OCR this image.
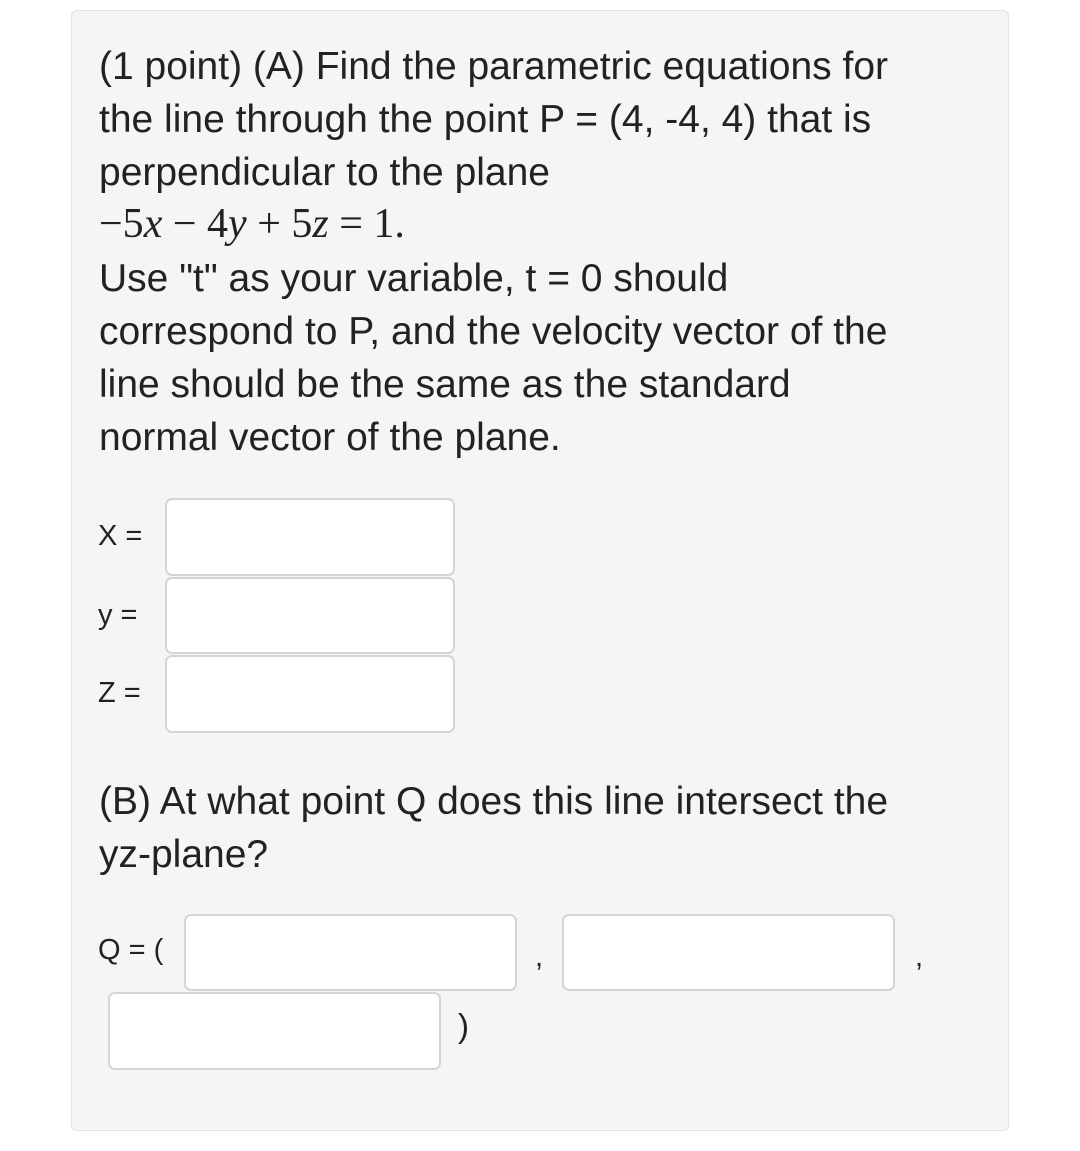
(1 point) (A) Find the parametric equations for

the line through the point P = (4, -4, 4) that is

perpendicular to the plane

−5x − 4y + 5z = 1.

Use "t" as your variable, t = 0 should

correspond to P, and the velocity vector of the

line should be the same as the standard

normal vector of the plane.

X =
y =
Z =

(B) At what point Q does this line intersect the

yz-plane?

Q = (	,	,
)
